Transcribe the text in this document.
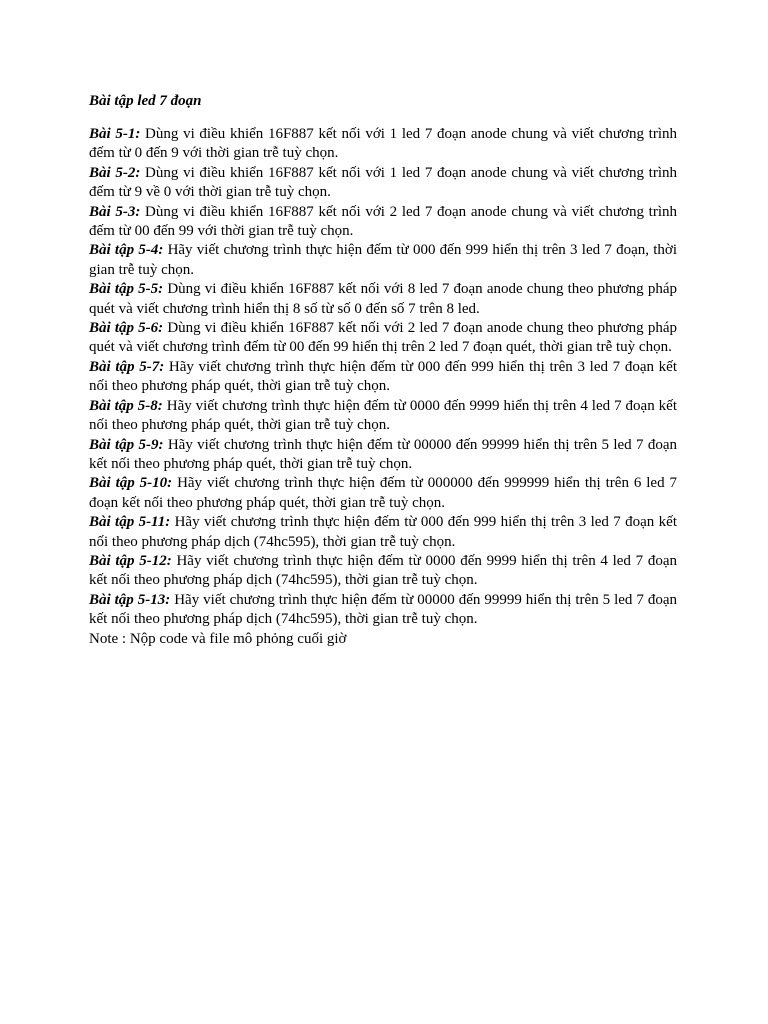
Bài tập led 7 đoạn

Bài 5-1: Dùng vi điều khiển 16F887 kết nối với 1 led 7 đoạn anode chung và viết chương trình đếm từ 0 đến 9 với thời gian trễ tuỳ chọn.

Bài 5-2: Dùng vi điều khiển 16F887 kết nối với 1 led 7 đoạn anode chung và viết chương trình đếm từ 9 về 0 với thời gian trễ tuỳ chọn.

Bài 5-3: Dùng vi điều khiển 16F887 kết nối với 2 led 7 đoạn anode chung và viết chương trình đếm từ 00 đến 99 với thời gian trễ tuỳ chọn.

Bài tập 5-4: Hãy viết chương trình thực hiện đếm từ 000 đến 999 hiển thị trên 3 led 7 đoạn, thời gian trễ tuỳ chọn.

Bài tập 5-5: Dùng vi điều khiển 16F887 kết nối với 8 led 7 đoạn anode chung theo phương pháp quét và viết chương trình hiển thị 8 số từ số 0 đến số 7 trên 8 led.

Bài tập 5-6: Dùng vi điều khiển 16F887 kết nối với 2 led 7 đoạn anode chung theo phương pháp quét và viết chương trình đếm từ 00 đến 99 hiển thị trên 2 led 7 đoạn quét, thời gian trễ tuỳ chọn.

Bài tập 5-7: Hãy viết chương trình thực hiện đếm từ 000 đến 999 hiển thị trên 3 led 7 đoạn kết nối theo phương pháp quét, thời gian trễ tuỳ chọn.

Bài tập 5-8: Hãy viết chương trình thực hiện đếm từ 0000 đến 9999 hiển thị trên 4 led 7 đoạn kết nối theo phương pháp quét, thời gian trễ tuỳ chọn.

Bài tập 5-9: Hãy viết chương trình thực hiện đếm từ 00000 đến 99999 hiển thị trên 5 led 7 đoạn kết nối theo phương pháp quét, thời gian trễ tuỳ chọn.

Bài tập 5-10: Hãy viết chương trình thực hiện đếm từ 000000 đến 999999 hiển thị trên 6 led 7 đoạn kết nối theo phương pháp quét, thời gian trễ tuỳ chọn.

Bài tập 5-11: Hãy viết chương trình thực hiện đếm từ 000 đến 999 hiển thị trên 3 led 7 đoạn kết nối theo phương pháp dịch (74hc595), thời gian trễ tuỳ chọn.

Bài tập 5-12: Hãy viết chương trình thực hiện đếm từ 0000 đến 9999 hiển thị trên 4 led 7 đoạn kết nối theo phương pháp dịch (74hc595), thời gian trễ tuỳ chọn.

Bài tập 5-13: Hãy viết chương trình thực hiện đếm từ 00000 đến 99999 hiển thị trên 5 led 7 đoạn kết nối theo phương pháp dịch (74hc595), thời gian trễ tuỳ chọn.

Note : Nộp code và file mô phỏng cuối giờ
